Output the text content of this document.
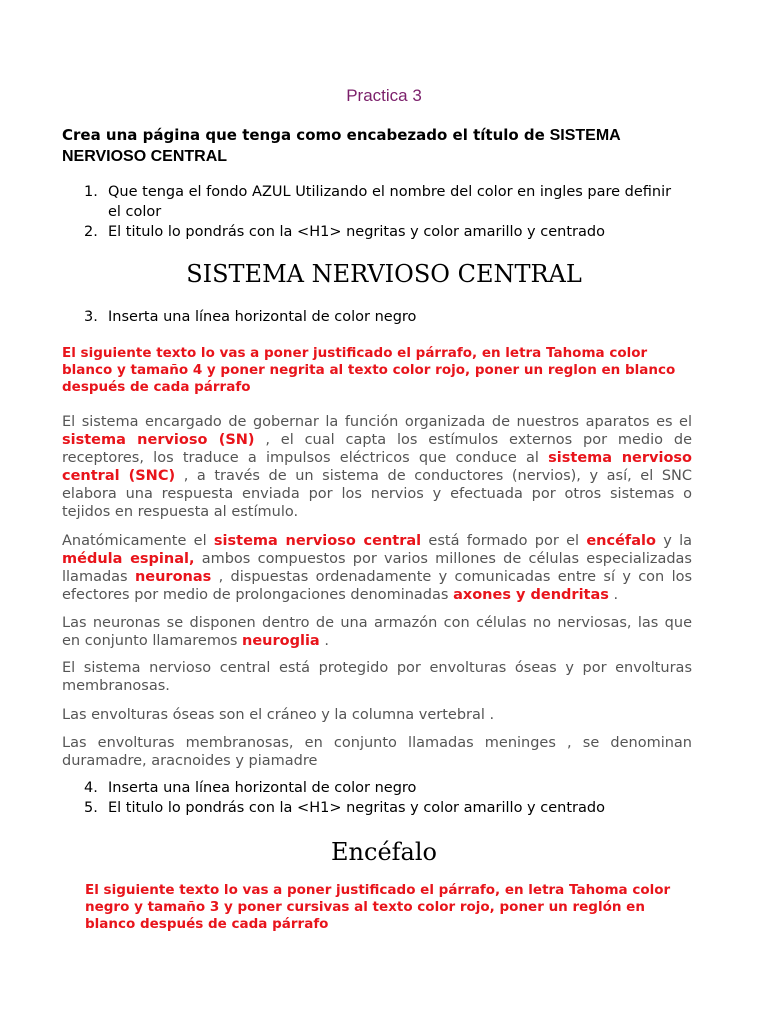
Practica 3
Crea una página que tenga como encabezado el título de SISTEMA NERVIOSO CENTRAL
1. Que tenga el fondo AZUL Utilizando el nombre del color en ingles pare definir el color
2. El titulo lo pondrás con la <H1> negritas y color amarillo y centrado
SISTEMA NERVIOSO CENTRAL
3. Inserta una línea horizontal de color negro
El siguiente texto lo vas a poner justificado el párrafo, en letra Tahoma color blanco y tamaño 4 y poner negrita al texto color rojo, poner un reglon en blanco después de cada párrafo
El sistema encargado de gobernar la función organizada de nuestros aparatos es el sistema nervioso (SN) , el cual capta los estímulos externos por medio de receptores, los traduce a impulsos eléctricos que conduce al sistema nervioso central (SNC) , a través de un sistema de conductores (nervios), y así, el SNC elabora una respuesta enviada por los nervios y efectuada por otros sistemas o tejidos en respuesta al estímulo.
Anatómicamente el sistema nervioso central está formado por el encéfalo y la médula espinal, ambos compuestos por varios millones de células especializadas llamadas neuronas , dispuestas ordenadamente y comunicadas entre sí y con los efectores por medio de prolongaciones denominadas axones y dendritas .
Las neuronas se disponen dentro de una armazón con células no nerviosas, las que en conjunto llamaremos neuroglia .
El sistema nervioso central está protegido por envolturas óseas y por envolturas membranosas.
Las envolturas óseas son el cráneo y la columna vertebral .
Las envolturas membranosas, en conjunto llamadas meninges , se denominan duramadre, aracnoides y piamadre
4. Inserta una línea horizontal de color negro
5. El titulo lo pondrás con la <H1> negritas y color amarillo y centrado
Encéfalo
El siguiente texto lo vas a poner justificado el párrafo, en letra Tahoma color negro y tamaño 3 y poner cursivas al texto color rojo, poner un reglón en blanco después de cada párrafo
